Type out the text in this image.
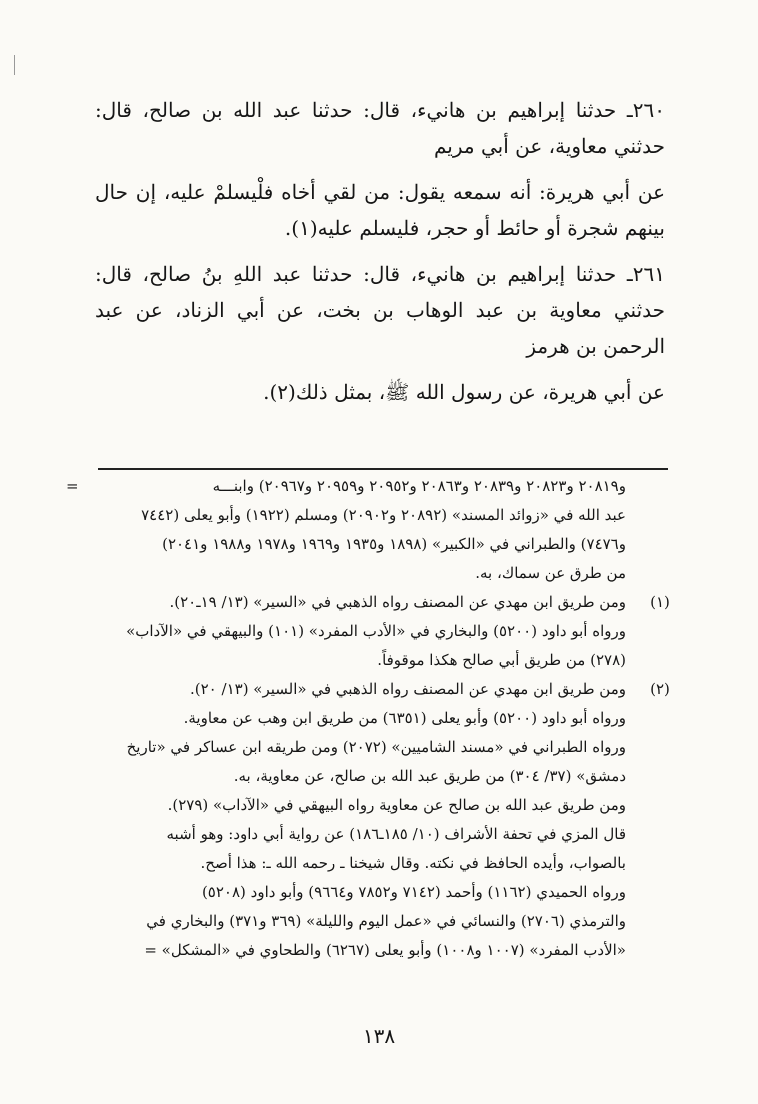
٢٦٠ـ حدثنا إبراهيم بن هانيء، قال: حدثنا عبد الله بن صالح، قال: حدثني معاوية، عن أبي مريم

عن أبي هريرة: أنه سمعه يقول: من لقي أخاه فلْيسلمْ عليه، إن حال بينهم شجرة أو حائط أو حجر، فليسلم عليه(١).

٢٦١ـ حدثنا إبراهيم بن هانيء، قال: حدثنا عبد اللهِ بنُ صالح، قال: حدثني معاوية بن عبد الوهاب بن بخت، عن أبي الزناد، عن عبد الرحمن بن هرمز

عن أبي هريرة، عن رسول الله ﷺ، بمثل ذلك(٢).

=	و٢٠٨١٩ و٢٠٨٢٣ و٢٠٨٣٩ و٢٠٨٦٣ و٢٠٩٥٢ و٢٠٩٥٩ و٢٠٩٦٧) وابنـــه
عبد الله في «زوائد المسند» (٢٠٨٩٢ و٢٠٩٠٢) ومسلم (١٩٢٢) وأبو يعلى (٧٤٤٢
و٧٤٧٦) والطبراني في «الكبير» (١٨٩٨ و١٩٣٥ و١٩٦٩ و١٩٧٨ و١٩٨٨ و٢٠٤١)
من طرق عن سماك، به.
(١)
ومن طريق ابن مهدي عن المصنف رواه الذهبي في «السير» (١٣/ ١٩ـ٢٠).
ورواه أبو داود (٥٢٠٠) والبخاري في «الأدب المفرد» (١٠١) والبيهقي في «الآداب»
(٢٧٨) من طريق أبي صالح هكذا موقوفاً.
(٢)
ومن طريق ابن مهدي عن المصنف رواه الذهبي في «السير» (١٣/ ٢٠).
ورواه أبو داود (٥٢٠٠) وأبو يعلى (٦٣٥١) من طريق ابن وهب عن معاوية.
ورواه الطبراني في «مسند الشاميين» (٢٠٧٢) ومن طريقه ابن عساكر في «تاريخ
دمشق» (٣٧/ ٣٠٤) من طريق عبد الله بن صالح، عن معاوية، به.
ومن طريق عبد الله بن صالح عن معاوية رواه البيهقي في «الآداب» (٢٧٩).
قال المزي في تحفة الأشراف (١٠/ ١٨٥ـ١٨٦) عن رواية أبي داود: وهو أشبه
بالصواب، وأيده الحافظ في نكته. وقال شيخنا ـ رحمه الله ـ: هذا أصح.
ورواه الحميدي (١١٦٢) وأحمد (٧١٤٢ و٧٨٥٢ و٩٦٦٤) وأبو داود (٥٢٠٨)
والترمذي (٢٧٠٦) والنسائي في «عمل اليوم والليلة» (٣٦٩ و٣٧١) والبخاري في
«الأدب المفرد» (١٠٠٧ و١٠٠٨) وأبو يعلى (٦٢٦٧) والطحاوي في «المشكل» =
١٣٨
